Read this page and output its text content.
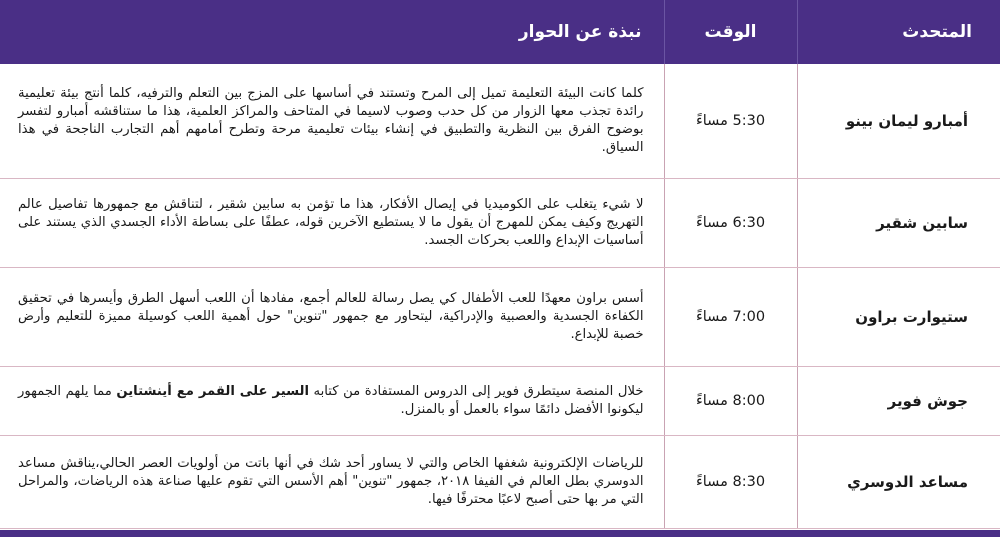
المتحدث	الوقت	نبذة عن الحوار
أمبارو ليمان بينو	5:30 مساءً	كلما كانت البيئة التعليمة تميل إلى المرح وتستند في أساسها على المزج بين التعلم والترفيه، كلما أنتج بيئة تعليمية رائدة تجذب معها الزوار من كل حدب وصوب لاسيما في المتاحف والمراكز العلمية، هذا ما ستناقشه أمبارو لتفسر بوضوح الفرق بين النظرية والتطبيق في إنشاء بيئات تعليمية مرحة وتطرح أمامهم أهم التجارب الناجحة في هذا السياق.
سابين شقير	6:30 مساءً	لا شيء يتغلب على الكوميديا في إيصال الأفكار، هذا ما تؤمن به سابين شقير ، لتناقش مع جمهورها تفاصيل عالم التهريج وكيف يمكن للمهرج أن يقول ما لا يستطيع الآخرين قوله، عطفًا على بساطة الأداء الجسدي الذي يستند على أساسيات الإبداع واللعب بحركات الجسد.
ستيوارت براون	7:00 مساءً	أسس براون معهدًا للعب الأطفال كي يصل رسالة للعالم أجمع، مفادها أن اللعب أسهل الطرق وأيسرها في تحقيق الكفاءة الجسدية والعصبية والإدراكية، ليتحاور مع جمهور "تنوين" حول أهمية اللعب كوسيلة مميزة للتعليم وأرض خصبة للإبداع.
جوش فوير	8:00 مساءً	خلال المنصة سيتطرق فوير إلى الدروس المستفادة من كتابه السير على القمر مع أينشتاين مما يلهم الجمهور ليكونوا الأفضل دائمًا سواء بالعمل أو بالمنزل.
مساعد الدوسري	8:30 مساءً	للرياضات الإلكترونية شغفها الخاص والتي لا يساور أحد شك في أنها باتت من أولويات العصر الحالي،يناقش مساعد الدوسري بطل العالم في الفيفا ٢٠١٨، جمهور "تنوين" أهم الأسس التي تقوم عليها صناعة هذه الرياضات، والمراحل التي مر بها حتى أصبح لاعبًا محترفًا فيها.
